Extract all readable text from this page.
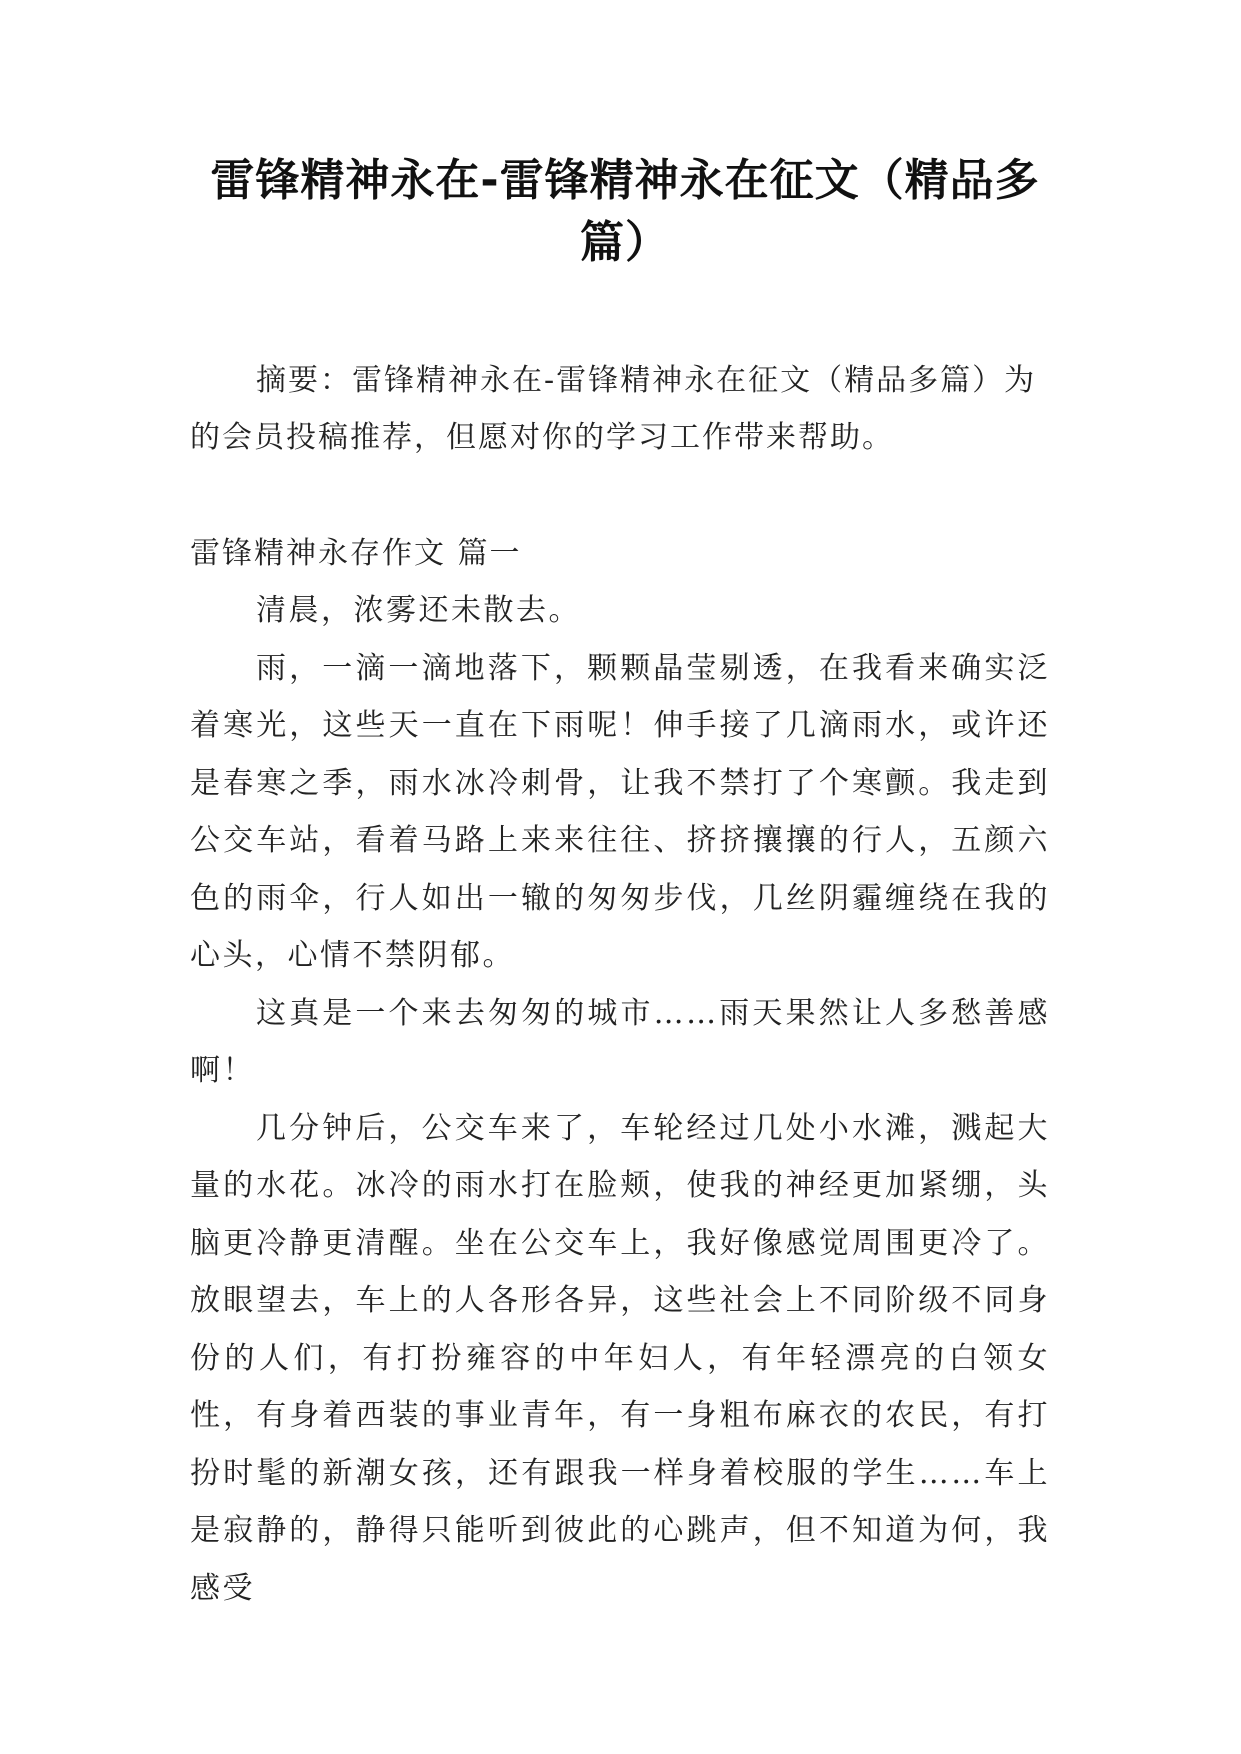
雷锋精神永在-雷锋精神永在征文（精品多篇）

摘要：雷锋精神永在-雷锋精神永在征文（精品多篇）为的会员投稿推荐，但愿对你的学习工作带来帮助。

雷锋精神永存作文 篇一

清晨，浓雾还未散去。

雨，一滴一滴地落下，颗颗晶莹剔透，在我看来确实泛着寒光，这些天一直在下雨呢！伸手接了几滴雨水，或许还是春寒之季，雨水冰冷刺骨，让我不禁打了个寒颤。我走到公交车站，看着马路上来来往往、挤挤攘攘的行人，五颜六色的雨伞，行人如出一辙的匆匆步伐，几丝阴霾缠绕在我的心头，心情不禁阴郁。

这真是一个来去匆匆的城市……雨天果然让人多愁善感啊！

几分钟后，公交车来了，车轮经过几处小水滩，溅起大量的水花。冰冷的雨水打在脸颊，使我的神经更加紧绷，头脑更冷静更清醒。坐在公交车上，我好像感觉周围更冷了。放眼望去，车上的人各形各异，这些社会上不同阶级不同身份的人们，有打扮雍容的中年妇人，有年轻漂亮的白领女性，有身着西装的事业青年，有一身粗布麻衣的农民，有打扮时髦的新潮女孩，还有跟我一样身着校服的学生……车上是寂静的，静得只能听到彼此的心跳声，但不知道为何，我感受
